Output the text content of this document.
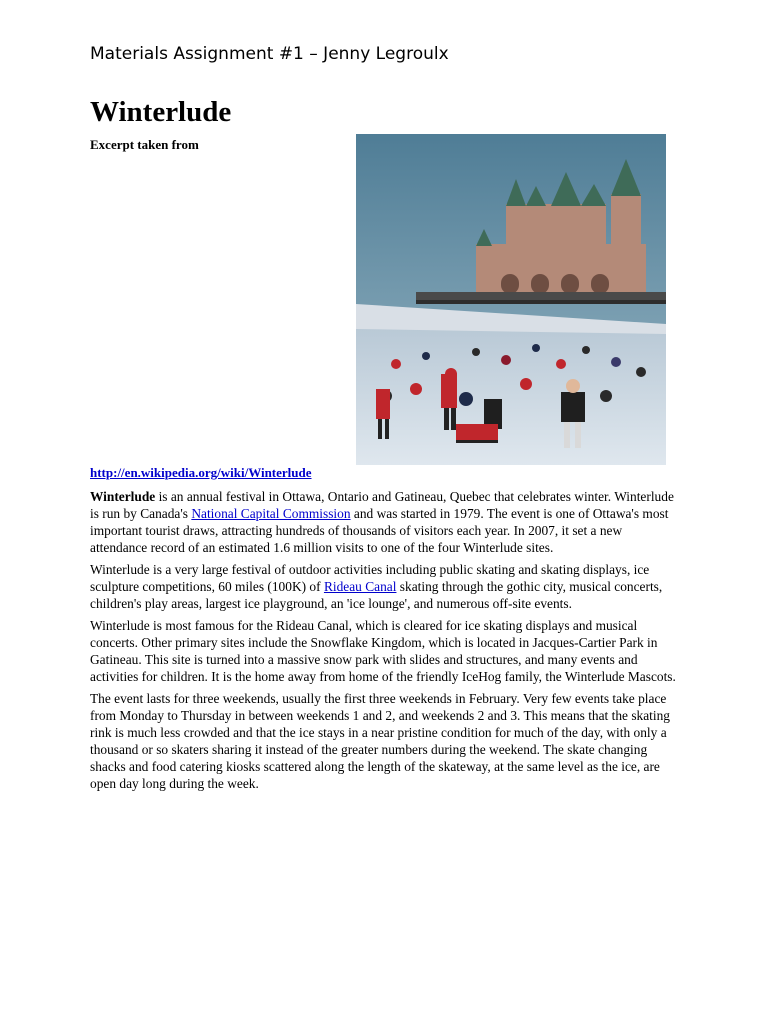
Materials Assignment #1 – Jenny Legroulx
Winterlude
Excerpt taken from
http://en.wikipedia.org/wiki/Winterlude

Winterlude is an annual festival in Ottawa, Ontario and Gatineau, Quebec that celebrates winter. Winterlude is run by Canada's National Capital Commission and was started in 1979. The event is one of Ottawa's most important tourist draws, attracting hundreds of thousands of visitors each year. In 2007, it set a new attendance record of an estimated 1.6 million visits to one of the four Winterlude sites.

Winterlude is a very large festival of outdoor activities including public skating and skating displays, ice sculpture competitions, 60 miles (100K) of Rideau Canal skating through the gothic city, musical concerts, children's play areas, largest ice playground, an 'ice lounge', and numerous off-site events.

Winterlude is most famous for the Rideau Canal, which is cleared for ice skating displays and musical concerts. Other primary sites include the Snowflake Kingdom, which is located in Jacques-Cartier Park in Gatineau. This site is turned into a massive snow park with slides and structures, and many events and activities for children. It is the home away from home of the friendly IceHog family, the Winterlude Mascots.

The event lasts for three weekends, usually the first three weekends in February. Very few events take place from Monday to Thursday in between weekends 1 and 2, and weekends 2 and 3. This means that the skating rink is much less crowded and that the ice stays in a near pristine condition for much of the day, with only a thousand or so skaters sharing it instead of the greater numbers during the weekend. The skate changing shacks and food catering kiosks scattered along the length of the skateway, at the same level as the ice, are open day long during the week.
